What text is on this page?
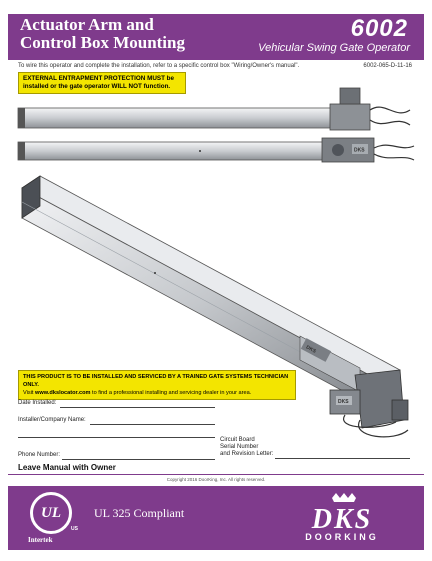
Actuator Arm and
Control Box Mounting
6002
Vehicular Swing Gate Operator
To wire this operator and complete the installation, refer to a specific control box "Wiring/Owner's manual".	6002-065-D-11-16
EXTERNAL ENTRAPMENT PROTECTION MUST be
installed or the gate operator WILL NOT function.
DKS
DKS
DKS
THIS PRODUCT IS TO BE INSTALLED AND SERVICED BY A TRAINED GATE SYSTEMS TECHNICIAN ONLY.
Visit www.dkslocator.com to find a professional installing and servicing dealer in your area.
Date Installed:
Installer/Company Name:
Circuit Board
Serial Number
and Revision Letter:
Phone Number:
Leave Manual with Owner
Copyright 2016 DoorKing, Inc. All rights reserved.
UL
US
Intertek
UL 325 Compliant	DKS
DOORKING
